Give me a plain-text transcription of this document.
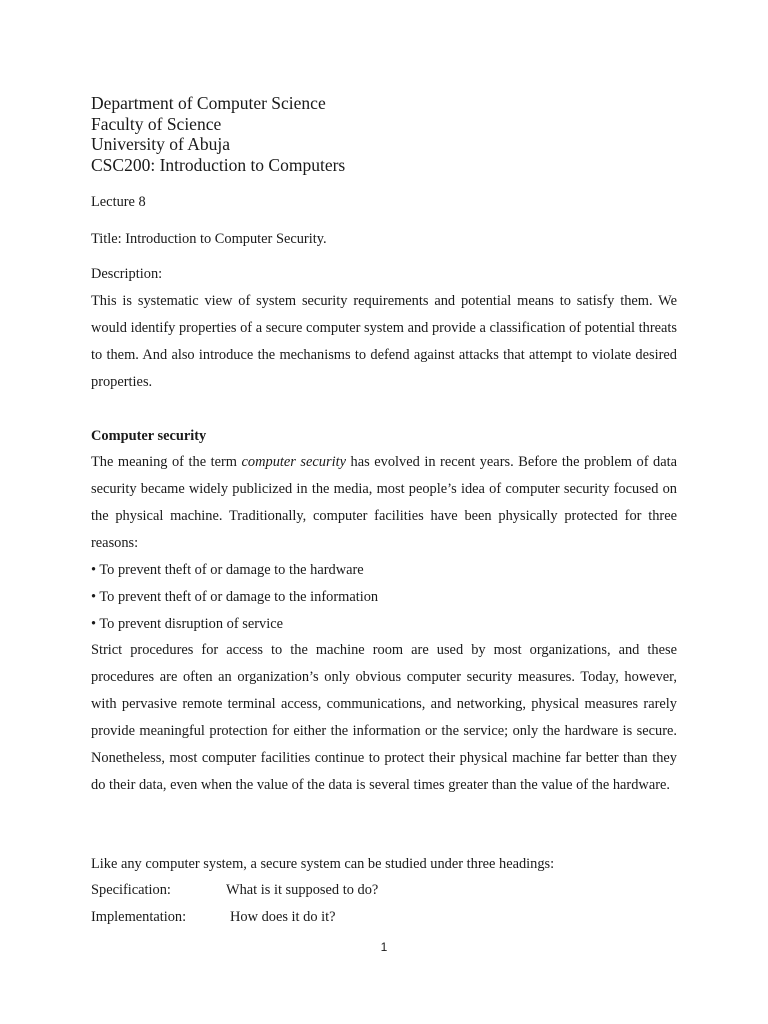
Department of Computer Science
Faculty of Science
University of Abuja
CSC200: Introduction to Computers
Lecture 8
Title: Introduction to Computer Security.
Description:
This is systematic view of system security requirements and potential means to satisfy them. We would identify properties of a secure computer system and provide a classification of potential threats to them. And also introduce the mechanisms to defend against attacks that attempt to violate desired properties.
Computer security
The meaning of the term computer security has evolved in recent years. Before the problem of data security became widely publicized in the media, most people’s idea of computer security focused on the physical machine. Traditionally, computer facilities have been physically protected for three reasons:
• To prevent theft of or damage to the hardware
• To prevent theft of or damage to the information
• To prevent disruption of service
Strict procedures for access to the machine room are used by most organizations, and these procedures are often an organization’s only obvious computer security measures. Today, however, with pervasive remote terminal access, communications, and networking, physical measures rarely provide meaningful protection for either the information or the service; only the hardware is secure. Nonetheless, most computer facilities continue to protect their physical machine far better than they do their data, even when the value of the data is several times greater than the value of the hardware.
Like any computer system, a secure system can be studied under three headings:
Specification:	What is it supposed to do?
Implementation:	How does it do it?
1
